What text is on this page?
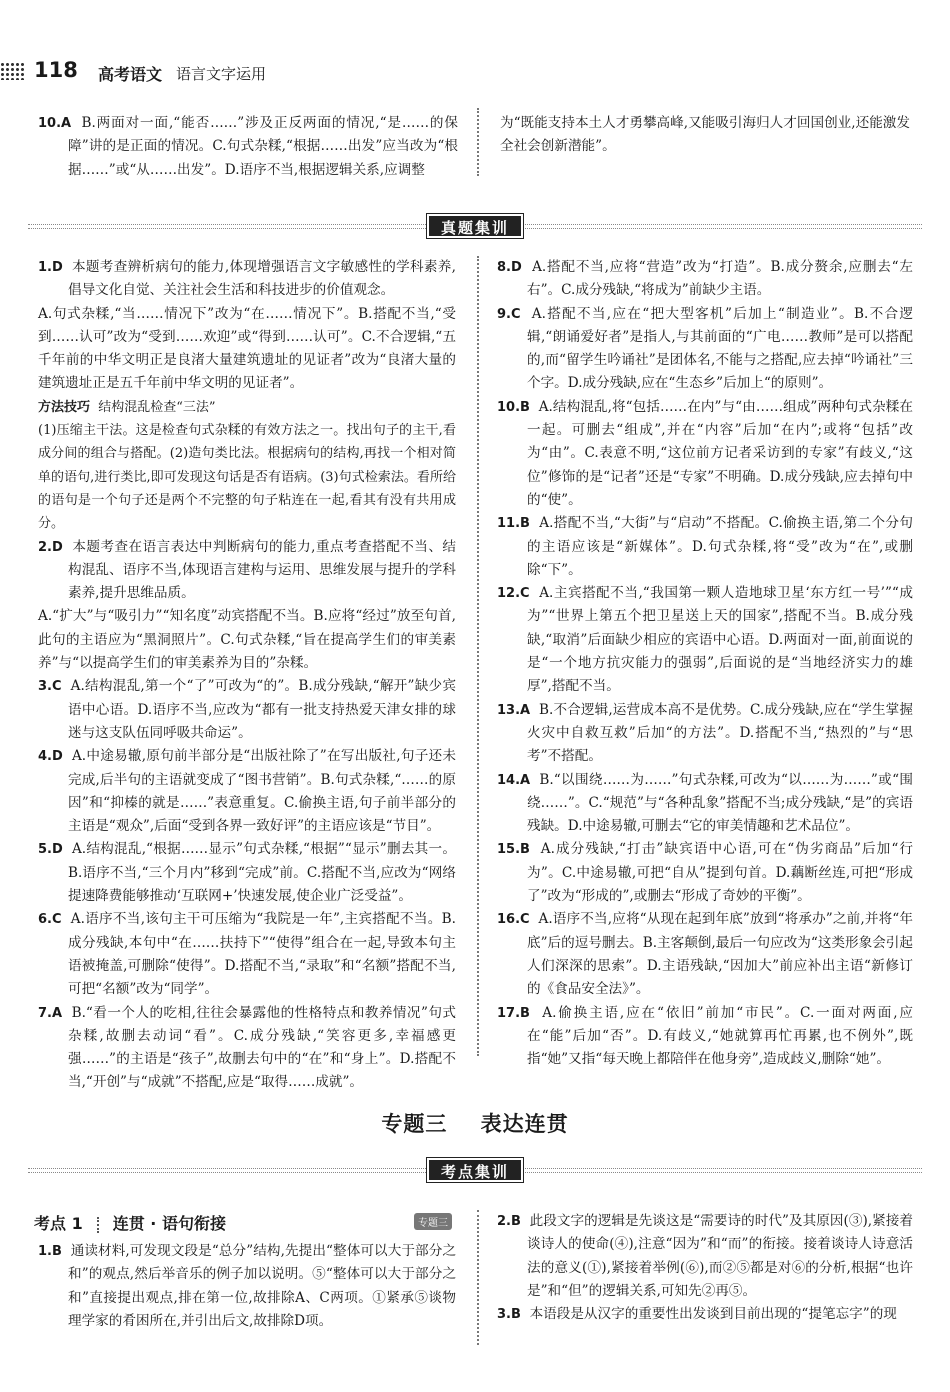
118 高考语文 语言文字运用

10.A B.两面对一面,“能否……”涉及正反两面的情况,“是……的保障”讲的是正面的情况。C.句式杂糅,“根据……出发”应当改为“根据……”或“从……出发”。D.语序不当,根据逻辑关系,应调整

为“既能支持本土人才勇攀高峰,又能吸引海归人才回国创业,还能激发全社会创新潜能”。

真题集训

1.D 本题考查辨析病句的能力,体现增强语言文字敏感性的学科素养,倡导文化自觉、关注社会生活和科技进步的价值观念。

A.句式杂糅,“当……情况下”改为“在……情况下”。B.搭配不当,“受到……认可”改为“受到……欢迎”或“得到……认可”。C.不合逻辑,“五千年前的中华文明正是良渚大量建筑遗址的见证者”改为“良渚大量的建筑遗址正是五千年前中华文明的见证者”。

方法技巧 结构混乱检查“三法”

(1)压缩主干法。这是检查句式杂糅的有效方法之一。找出句子的主干,看成分间的组合与搭配。(2)造句类比法。根据病句的结构,再找一个相对简单的语句,进行类比,即可发现这句话是否有语病。(3)句式检索法。看所给的语句是一个句子还是两个不完整的句子粘连在一起,看其有没有共用成分。

2.D 本题考查在语言表达中判断病句的能力,重点考查搭配不当、结构混乱、语序不当,体现语言建构与运用、思维发展与提升的学科素养,提升思维品质。

A.“扩大”与“吸引力”“知名度”动宾搭配不当。B.应将“经过”放至句首,此句的主语应为“黑洞照片”。C.句式杂糅,“旨在提高学生们的审美素养”与“以提高学生们的审美素养为目的”杂糅。

3.C A.结构混乱,第一个“了”可改为“的”。B.成分残缺,“解开”缺少宾语中心语。D.语序不当,应改为“都有一批支持热爱天津女排的球迷与这支队伍同呼吸共命运”。

4.D A.中途易辙,原句前半部分是“出版社除了”在写出版社,句子还未完成,后半句的主语就变成了“图书营销”。B.句式杂糅,“……的原因”和“抑榛的就是……”表意重复。C.偷换主语,句子前半部分的主语是“观众”,后面“受到各界一致好评”的主语应该是“节目”。

5.D A.结构混乱,“根据……显示”句式杂糅,“根据”“显示”删去其一。B.语序不当,“三个月内”移到“完成”前。C.搭配不当,应改为“网络提速降费能够推动‘互联网+’快速发展,使企业广泛受益”。

6.C A.语序不当,该句主干可压缩为“我院是一年”,主宾搭配不当。B.成分残缺,本句中“在……扶持下”“使得”组合在一起,导致本句主语被掩盖,可删除“使得”。D.搭配不当,“录取”和“名额”搭配不当,可把“名额”改为“同学”。

7.A B.“看一个人的吃相,往往会暴露他的性格特点和教养情况”句式杂糅,故删去动词“看”。C.成分残缺,“笑容更多,幸福感更强……”的主语是“孩子”,故删去句中的“在”和“身上”。D.搭配不当,“开创”与“成就”不搭配,应是“取得……成就”。

8.D A.搭配不当,应将“营造”改为“打造”。B.成分赘余,应删去“左右”。C.成分残缺,“将成为”前缺少主语。

9.C A.搭配不当,应在“把大型客机”后加上“制造业”。B.不合逻辑,“朗诵爱好者”是指人,与其前面的“广电……教师”是可以搭配的,而“留学生吟诵社”是团体名,不能与之搭配,应去掉“吟诵社”三个字。D.成分残缺,应在“生态乡”后加上“的原则”。

10.B A.结构混乱,将“包括……在内”与“由……组成”两种句式杂糅在一起。可删去“组成”,并在“内容”后加“在内”;或将“包括”改为“由”。C.表意不明,“这位前方记者采访到的专家”有歧义,“这位”修饰的是“记者”还是“专家”不明确。D.成分残缺,应去掉句中的“使”。

11.B A.搭配不当,“大街”与“启动”不搭配。C.偷换主语,第二个分句的主语应该是“新媒体”。D.句式杂糅,将“受”改为“在”,或删除“下”。

12.C A.主宾搭配不当,“我国第一颗人造地球卫星‘东方红一号’”“成为”“世界上第五个把卫星送上天的国家”,搭配不当。B.成分残缺,“取消”后面缺少相应的宾语中心语。D.两面对一面,前面说的是“一个地方抗灾能力的强弱”,后面说的是“当地经济实力的雄厚”,搭配不当。

13.A B.不合逻辑,运营成本高不是优势。C.成分残缺,应在“学生掌握火灾中自救互救”后加“的方法”。D.搭配不当,“热烈的”与“思考”不搭配。

14.A B.“以围绕……为……”句式杂糅,可改为“以……为……”或“围绕……”。C.“规范”与“各种乱象”搭配不当;成分残缺,“是”的宾语残缺。D.中途易辙,可删去“它的审美情趣和艺术品位”。

15.B A.成分残缺,“打击”缺宾语中心语,可在“伪劣商品”后加“行为”。C.中途易辙,可把“自从”提到句首。D.藕断丝连,可把“形成了”改为“形成的”,或删去“形成了奇妙的平衡”。

16.C A.语序不当,应将“从现在起到年底”放到“将承办”之前,并将“年底”后的逗号删去。B.主客颠倒,最后一句应改为“这类形象会引起人们深深的思索”。D.主语残缺,“因加大”前应补出主语“新修订的《食品安全法》”。

17.B A.偷换主语,应在“依旧”前加“市民”。C.一面对两面,应在“能”后加“否”。D.有歧义,“她就算再忙再累,也不例外”,既指“她”又指“每天晚上都陪伴在他身旁”,造成歧义,删除“她”。

专题三 表达连贯
考点集训
考点 1 连贯 · 语句衔接	专题三

1.B 通读材料,可发现文段是“总分”结构,先提出“整体可以大于部分之和”的观点,然后举音乐的例子加以说明。⑤“整体可以大于部分之和”直接提出观点,排在第一位,故排除A、C两项。①紧承⑤谈物理学家的肴困所在,并引出后文,故排除D项。

2.B 此段文字的逻辑是先谈这是“需要诗的时代”及其原因(③),紧接着谈诗人的使命(④),注意“因为”和“而”的衔接。接着谈诗人诗意活法的意义(①),紧接着举例(⑥),而②⑤都是对⑥的分析,根据“也许是”和“但”的逻辑关系,可知先②再⑤。

3.B 本语段是从汉字的重要性出发谈到目前出现的“提笔忘字”的现
